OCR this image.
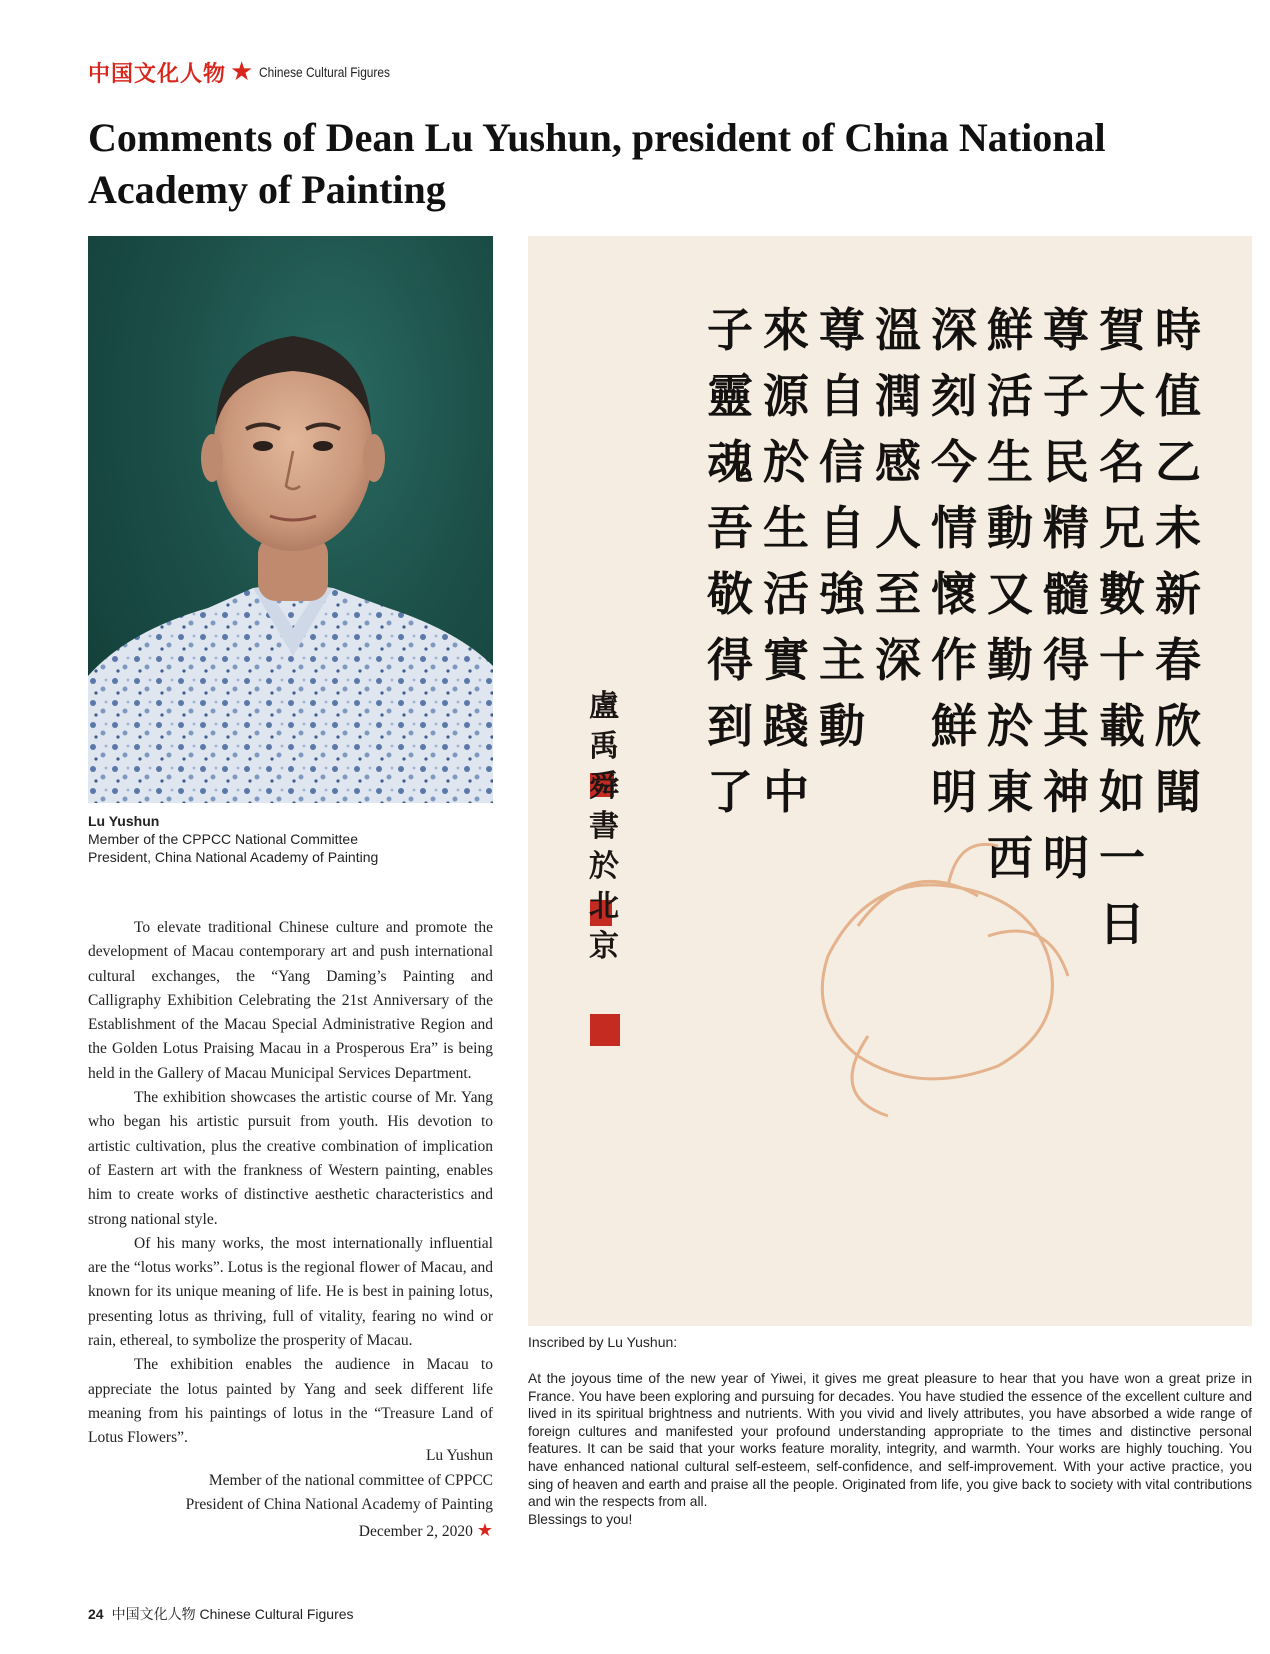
中国文化人物 ★ Chinese Cultural Figures
Comments of Dean Lu Yushun, president of China National Academy of Painting
Lu Yushun
Member of the CPPCC National Committee
President, China National Academy of Painting

To elevate traditional Chinese culture and promote the development of Macau contemporary art and push international cultural exchanges, the “Yang Daming’s Painting and Calligraphy Exhibition Celebrating the 21st Anniversary of the Establishment of the Macau Special Administrative Region and the Golden Lotus Praising Macau in a Prosperous Era” is being held in the Gallery of Macau Municipal Services Department.

The exhibition showcases the artistic course of Mr. Yang who began his artistic pursuit from youth. His devotion to artistic cultivation, plus the creative combination of implication of Eastern art with the frankness of Western painting, enables him to create works of distinctive aesthetic characteristics and strong national style.

Of his many works, the most internationally influential are the “lotus works”. Lotus is the regional flower of Macau, and known for its unique meaning of life. He is best in paining lotus, presenting lotus as thriving, full of vitality, fearing no wind or rain, ethereal, to symbolize the prosperity of Macau.

The exhibition enables the audience in Macau to appreciate the lotus painted by Yang and seek different life meaning from his paintings of lotus in the “Treasure Land of Lotus Flowers”.

Lu Yushun
Member of the national committee of CPPCC
President of China National Academy of Painting
December 2, 2020 ★
時
值
乙
未
新
春
欣
聞
賀
大
名
兄
數
十
載
如
一
日
尊
子
民
精
髓
得
其
神
明
鮮
活
生
動
又
勤
於
東
西
深
刻
今
情
懷
作
鮮
明
溫
潤
感
人
至
深
尊
自
信
自
強
主
動
來
源
於
生
活
實
踐
中
子
靈
魂
吾
敬
得
到
了
盧
禹
舜
書
於
北
京
Inscribed by Lu Yushun:

At the joyous time of the new year of Yiwei, it gives me great pleasure to hear that you have won a great prize in France. You have been exploring and pursuing for decades. You have studied the essence of the excellent culture and lived in its spiritual brightness and nutrients. With you vivid and lively attributes, you have absorbed a wide range of foreign cultures and manifested your profound understanding appropriate to the times and distinctive personal features. It can be said that your works feature morality, integrity, and warmth. Your works are highly touching. You have enhanced national cultural self-esteem, self-confidence, and self-improvement. With your active practice, you sing of heaven and earth and praise all the people. Originated from life, you give back to society with vital contributions and win the respects from all.

Blessings to you!

24 中国文化人物 Chinese Cultural Figures
